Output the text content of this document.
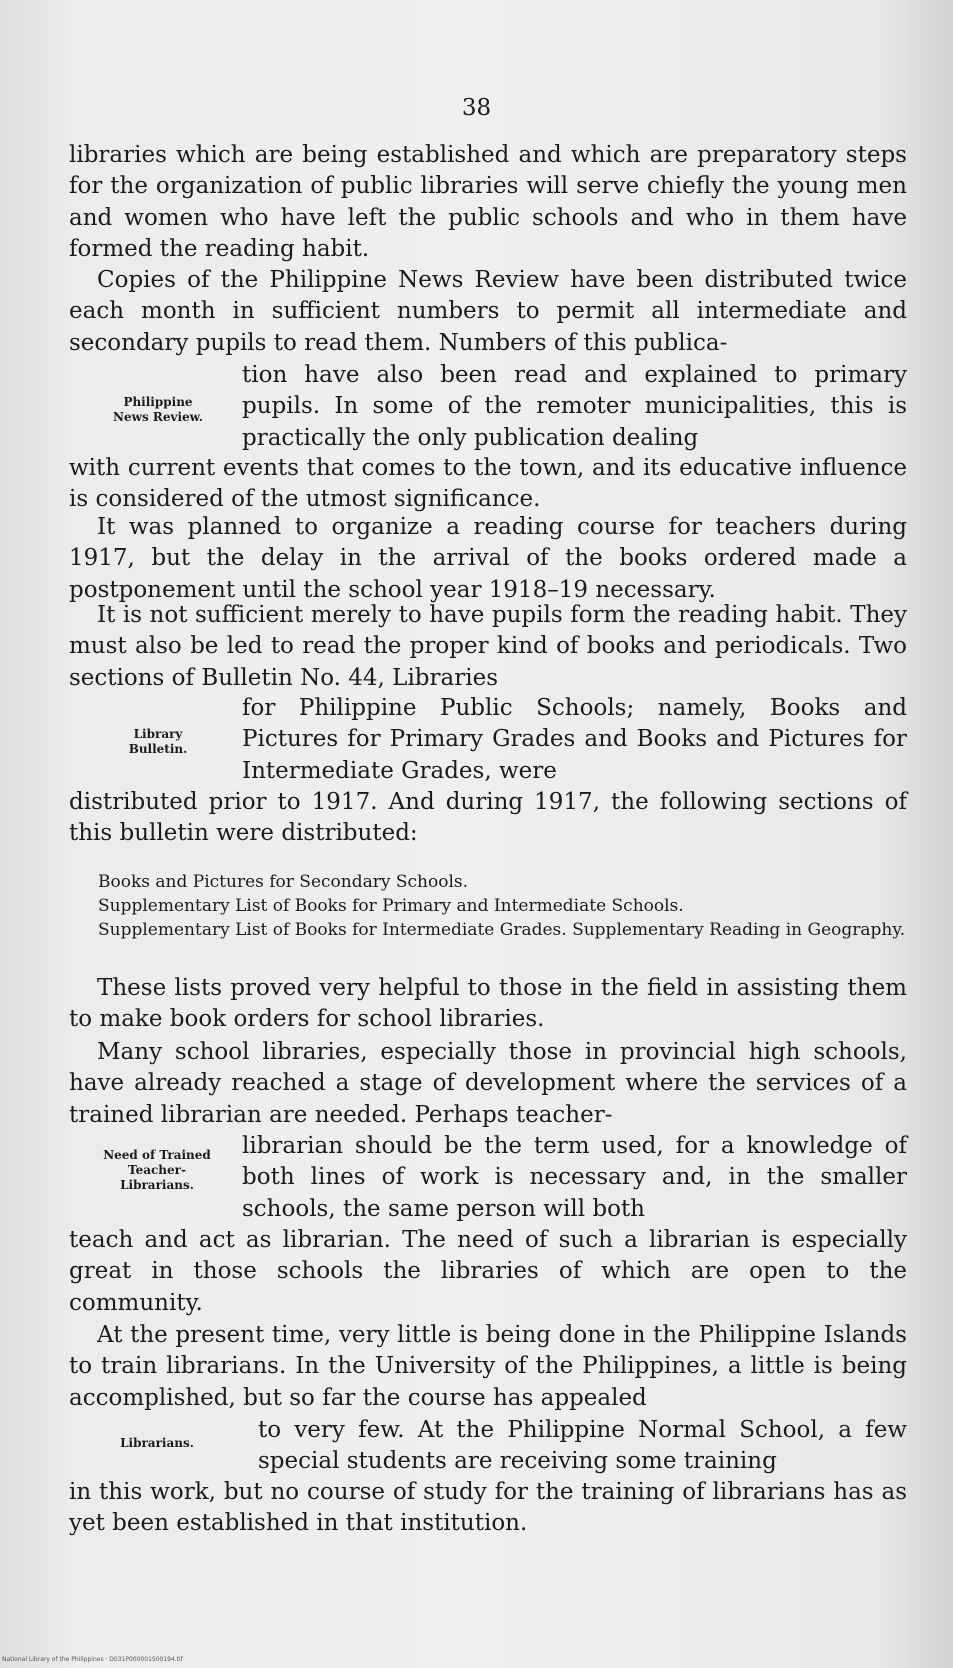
38

libraries which are being established and which are preparatory steps for the organization of public libraries will serve chiefly the young men and women who have left the public schools and who in them have formed the reading habit.

Copies of the Philippine News Review have been distributed twice each month in sufficient numbers to permit all intermediate and secondary pupils to read them. Numbers of this publica-

tion have also been read and explained to primary pupils. In some of the remoter municipalities, this is practically the only publication dealing

with current events that comes to the town, and its educative influence is considered of the utmost significance.

Philippine
News Review.

It was planned to organize a reading course for teachers during 1917, but the delay in the arrival of the books ordered made a postponement until the school year 1918–19 necessary.

It is not sufficient merely to have pupils form the reading habit. They must also be led to read the proper kind of books and periodicals. Two sections of Bulletin No. 44, Libraries

for Philippine Public Schools; namely, Books and Pictures for Primary Grades and Books and Pictures for Intermediate Grades, were

distributed prior to 1917. And during 1917, the following sections of this bulletin were distributed:

Library
Bulletin.
Books and Pictures for Secondary Schools.
Supplementary List of Books for Primary and Intermediate Schools.
Supplementary List of Books for Intermediate Grades. Supplementary Reading in Geography.

These lists proved very helpful to those in the field in assisting them to make book orders for school libraries.

Many school libraries, especially those in provincial high schools, have already reached a stage of development where the services of a trained librarian are needed. Perhaps teacher-

librarian should be the term used, for a knowledge of both lines of work is necessary and, in the smaller schools, the same person will both

teach and act as librarian. The need of such a librarian is especially great in those schools the libraries of which are open to the community.

Need of Trained
Teacher-
Librarians.

At the present time, very little is being done in the Philippine Islands to train librarians. In the University of the Philippines, a little is being accomplished, but so far the course has appealed

to very few. At the Philippine Normal School, a few special students are receiving some training

in this work, but no course of study for the training of librarians has as yet been established in that institution.

Librarians.
National Library of the Philippines · D031P000001S00194.tif
